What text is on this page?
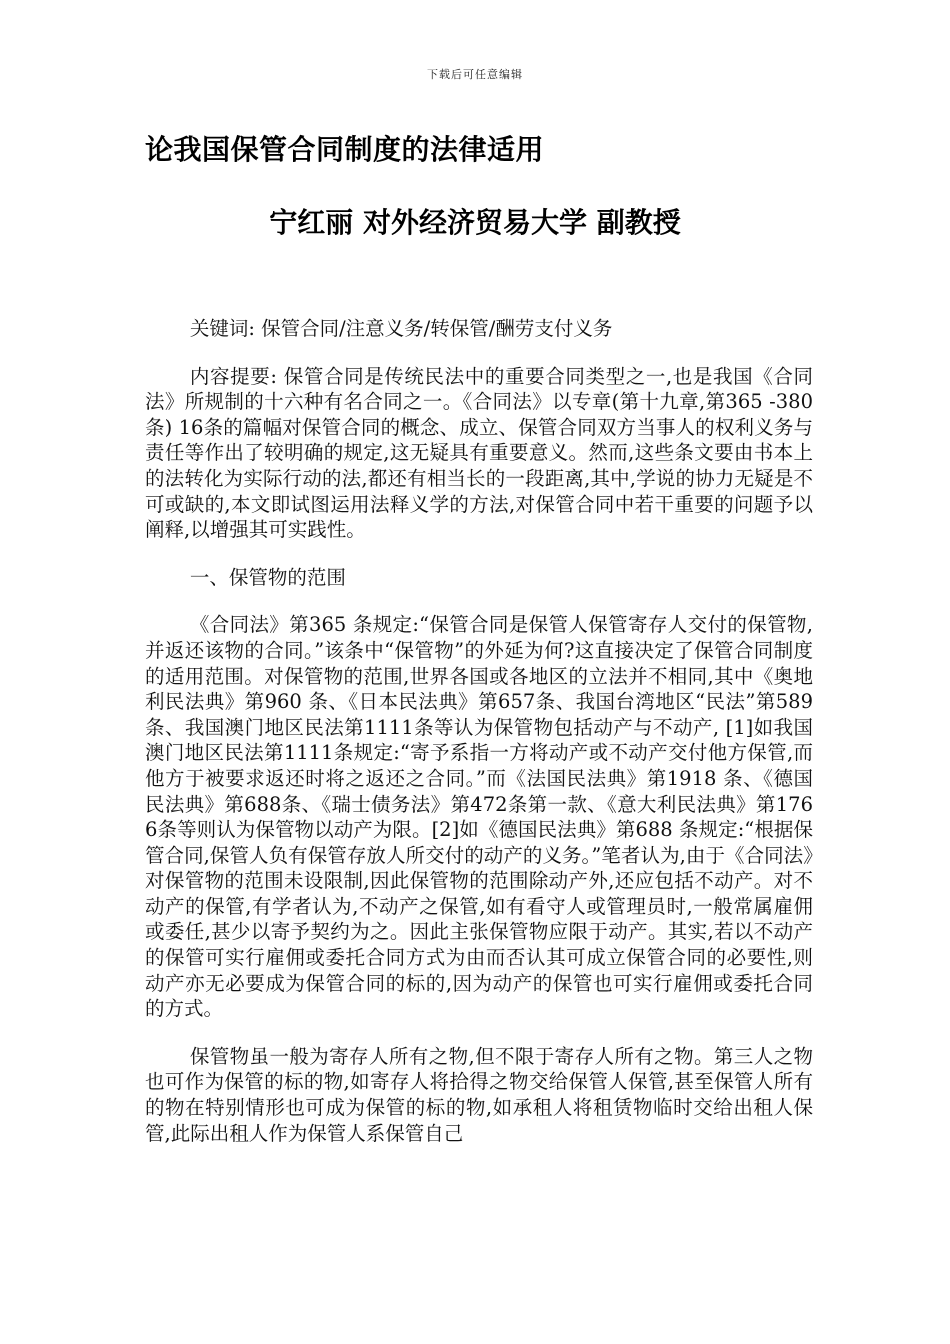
下载后可任意编辑
论我国保管合同制度的法律适用
宁红丽 对外经济贸易大学 副教授

关键词: 保管合同/注意义务/转保管/酬劳支付义务

内容提要: 保管合同是传统民法中的重要合同类型之一,也是我国《合同法》所规制的十六种有名合同之一。《合同法》以专章(第十九章,第365 -380条) 16条的篇幅对保管合同的概念、成立、保管合同双方当事人的权利义务与责任等作出了较明确的规定,这无疑具有重要意义。然而,这些条文要由书本上的法转化为实际行动的法,都还有相当长的一段距离,其中,学说的协力无疑是不可或缺的,本文即试图运用法释义学的方法,对保管合同中若干重要的问题予以阐释,以增强其可实践性。

一、保管物的范围

《合同法》第365 条规定:“保管合同是保管人保管寄存人交付的保管物,并返还该物的合同。”该条中“保管物”的外延为何?这直接决定了保管合同制度的适用范围。对保管物的范围,世界各国或各地区的立法并不相同,其中《奥地利民法典》第960 条、《日本民法典》第657条、我国台湾地区“民法”第589条、我国澳门地区民法第1111条等认为保管物包括动产与不动产, [1]如我国澳门地区民法第1111条规定:“寄予系指一方将动产或不动产交付他方保管,而他方于被要求返还时将之返还之合同。”而《法国民法典》第1918 条、《德国民法典》第688条、《瑞士债务法》第472条第一款、《意大利民法典》第1766条等则认为保管物以动产为限。[2]如《德国民法典》第688 条规定:“根据保管合同,保管人负有保管存放人所交付的动产的义务。”笔者认为,由于《合同法》对保管物的范围未设限制,因此保管物的范围除动产外,还应包括不动产。对不动产的保管,有学者认为,不动产之保管,如有看守人或管理员时,一般常属雇佣或委任,甚少以寄予契约为之。因此主张保管物应限于动产。其实,若以不动产的保管可实行雇佣或委托合同方式为由而否认其可成立保管合同的必要性,则动产亦无必要成为保管合同的标的,因为动产的保管也可实行雇佣或委托合同的方式。

保管物虽一般为寄存人所有之物,但不限于寄存人所有之物。第三人之物也可作为保管的标的物,如寄存人将拾得之物交给保管人保管,甚至保管人所有的物在特别情形也可成为保管的标的物,如承租人将租赁物临时交给出租人保管,此际出租人作为保管人系保管自己
